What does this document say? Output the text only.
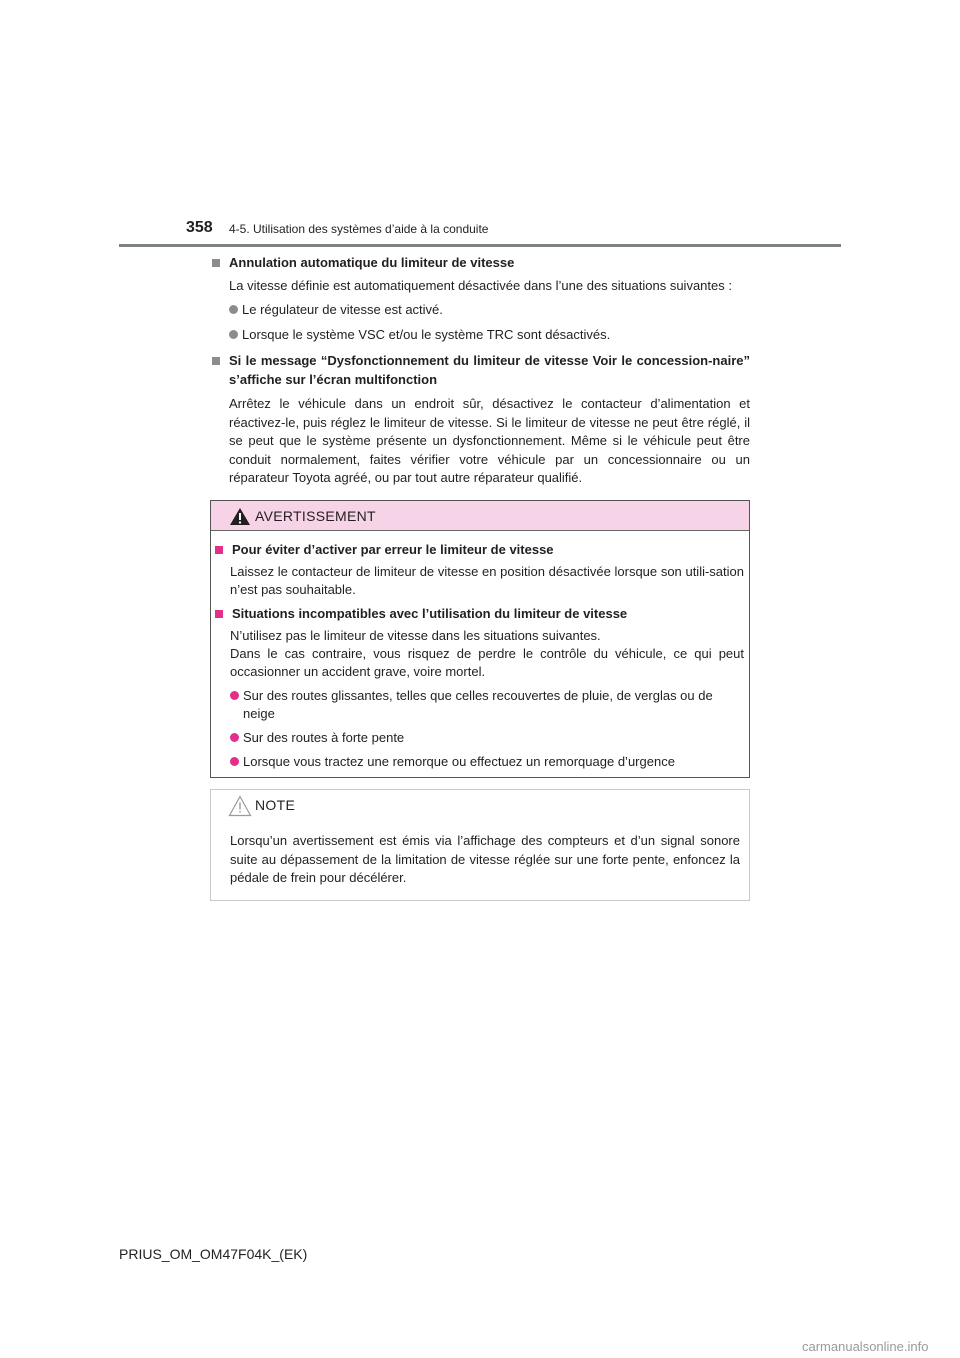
358 4-5. Utilisation des systèmes d’aide à la conduite
Annulation automatique du limiteur de vitesse
La vitesse définie est automatiquement désactivée dans l’une des situations suivantes :
Le régulateur de vitesse est activé.
Lorsque le système VSC et/ou le système TRC sont désactivés.
Si le message “Dysfonctionnement du limiteur de vitesse Voir le concession-naire” s’affiche sur l’écran multifonction
Arrêtez le véhicule dans un endroit sûr, désactivez le contacteur d’alimentation et réactivez-le, puis réglez le limiteur de vitesse. Si le limiteur de vitesse ne peut être réglé, il se peut que le système présente un dysfonctionnement. Même si le véhicule peut être conduit normalement, faites vérifier votre véhicule par un concessionnaire ou un réparateur Toyota agréé, ou par tout autre réparateur qualifié.
AVERTISSEMENT
Pour éviter d’activer par erreur le limiteur de vitesse
Laissez le contacteur de limiteur de vitesse en position désactivée lorsque son utili-sation n’est pas souhaitable.
Situations incompatibles avec l’utilisation du limiteur de vitesse
N’utilisez pas le limiteur de vitesse dans les situations suivantes.
Dans le cas contraire, vous risquez de perdre le contrôle du véhicule, ce qui peut occasionner un accident grave, voire mortel.
Sur des routes glissantes, telles que celles recouvertes de pluie, de verglas ou de neige
Sur des routes à forte pente
Lorsque vous tractez une remorque ou effectuez un remorquage d’urgence
NOTE
Lorsqu’un avertissement est émis via l’affichage des compteurs et d’un signal sonore suite au dépassement de la limitation de vitesse réglée sur une forte pente, enfoncez la pédale de frein pour décélérer.
PRIUS_OM_OM47F04K_(EK)
carmanualsonline.info
